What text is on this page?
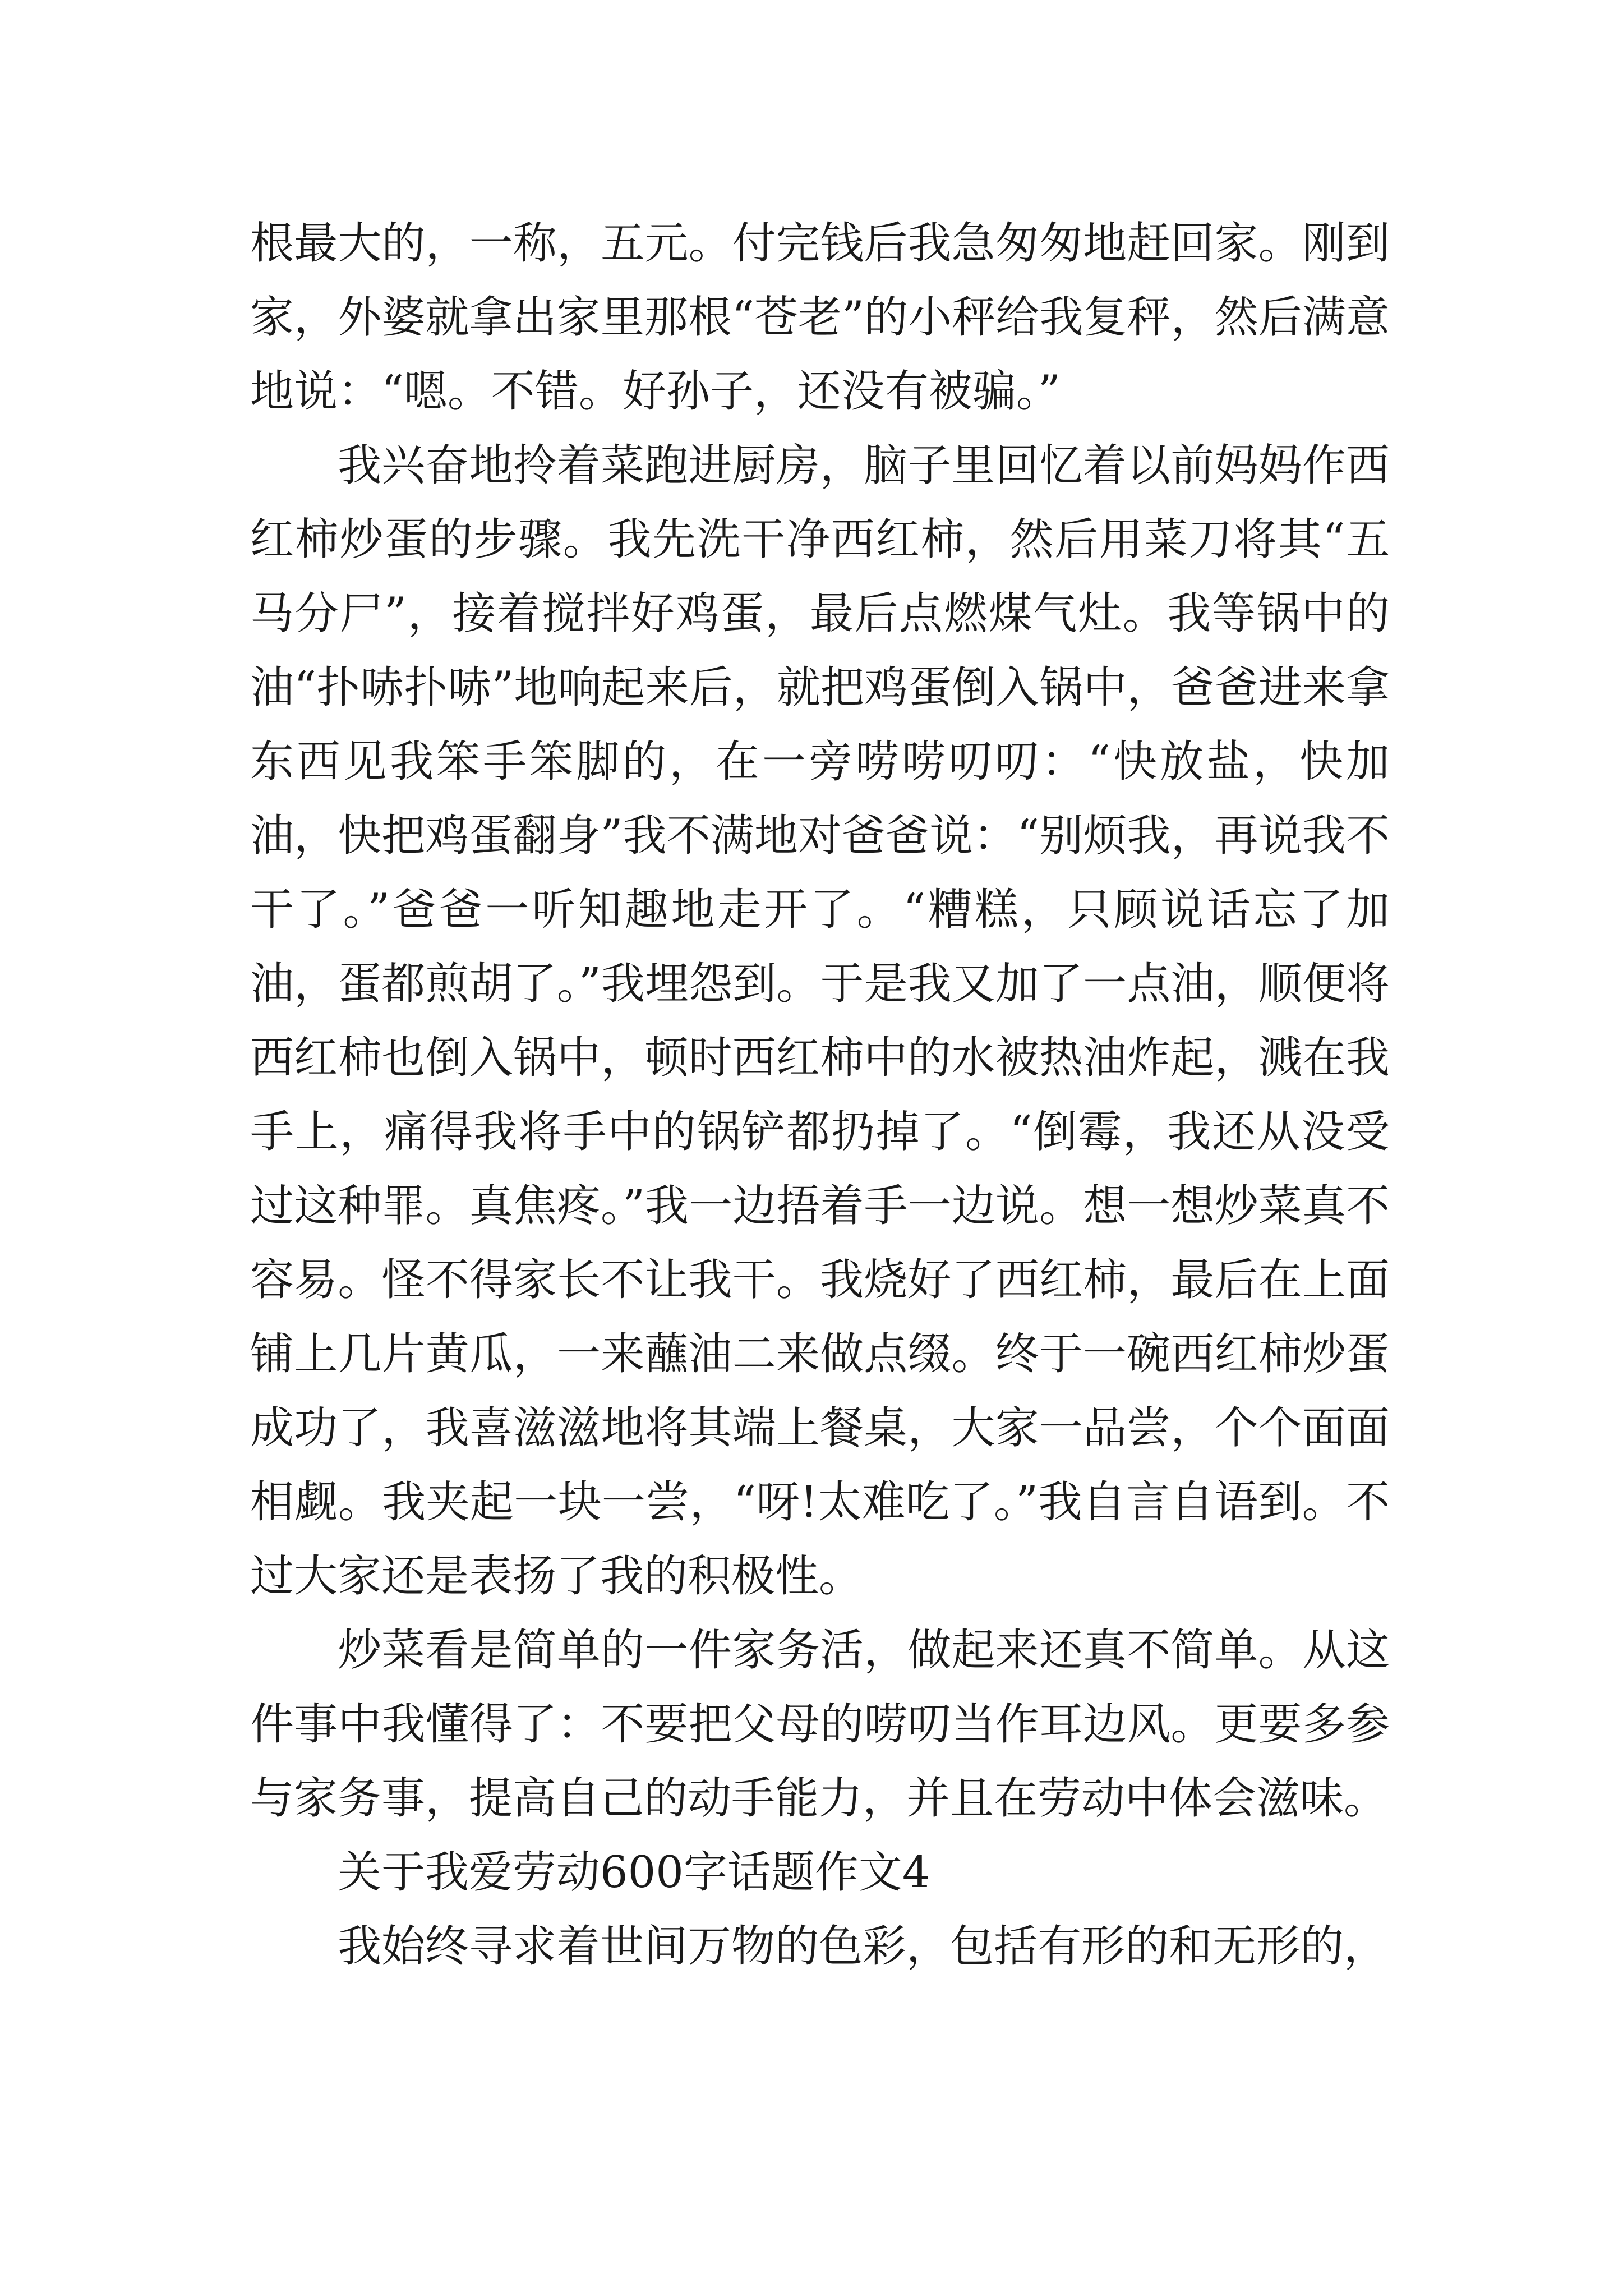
根最大的，一称，五元。付完钱后我急匆匆地赶回家。刚到家，外婆就拿出家里那根“苍老”的小秤给我复秤，然后满意地说：“嗯。不错。好孙子，还没有被骗。”

我兴奋地拎着菜跑进厨房，脑子里回忆着以前妈妈作西红柿炒蛋的步骤。我先洗干净西红柿，然后用菜刀将其“五马分尸”，接着搅拌好鸡蛋，最后点燃煤气灶。我等锅中的油“扑哧扑哧”地响起来后，就把鸡蛋倒入锅中，爸爸进来拿东西见我笨手笨脚的，在一旁唠唠叨叨：“快放盐，快加油，快把鸡蛋翻身”我不满地对爸爸说：“别烦我，再说我不干了。”爸爸一听知趣地走开了。“糟糕，只顾说话忘了加油，蛋都煎胡了。”我埋怨到。于是我又加了一点油，顺便将西红柿也倒入锅中，顿时西红柿中的水被热油炸起，溅在我手上，痛得我将手中的锅铲都扔掉了。“倒霉，我还从没受过这种罪。真焦疼。”我一边捂着手一边说。想一想炒菜真不容易。怪不得家长不让我干。我烧好了西红柿，最后在上面铺上几片黄瓜，一来蘸油二来做点缀。终于一碗西红柿炒蛋成功了，我喜滋滋地将其端上餐桌，大家一品尝，个个面面相觑。我夹起一块一尝，“呀!太难吃了。”我自言自语到。不过大家还是表扬了我的积极性。

炒菜看是简单的一件家务活，做起来还真不简单。从这件事中我懂得了：不要把父母的唠叨当作耳边风。更要多参与家务事，提高自己的动手能力，并且在劳动中体会滋味。

关于我爱劳动600字话题作文4

我始终寻求着世间万物的色彩，包括有形的和无形的，
